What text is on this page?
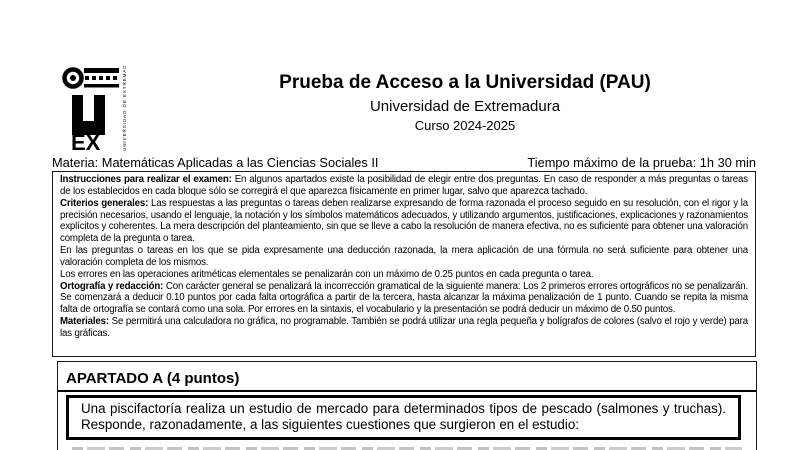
EX	UNIVERSIDAD DE EXTREMADURA	Prueba de Acceso a la Universidad (PAU)
Universidad de Extremadura
Curso 2024-2025
Materia: Matemáticas Aplicadas a las Ciencias Sociales II	Tiempo máximo de la prueba: 1h 30 min

Instrucciones para realizar el examen: En algunos apartados existe la posibilidad de elegir entre dos preguntas. En caso de responder a más preguntas o tareas de los establecidos en cada bloque sólo se corregirá el que aparezca físicamente en primer lugar, salvo que aparezca tachado.

Criterios generales: Las respuestas a las preguntas o tareas deben realizarse expresando de forma razonada el proceso seguido en su resolución, con el rigor y la precisión necesarios, usando el lenguaje, la notación y los símbolos matemáticos adecuados, y utilizando argumentos, justificaciones, explicaciones y razonamientos explícitos y coherentes. La mera descripción del planteamiento, sin que se lleve a cabo la resolución de manera efectiva, no es suficiente para obtener una valoración completa de la pregunta o tarea.

En las preguntas o tareas en los que se pida expresamente una deducción razonada, la mera aplicación de una fórmula no será suficiente para obtener una valoración completa de los mismos.

Los errores en las operaciones aritméticas elementales se penalizarán con un máximo de 0.25 puntos en cada pregunta o tarea.

Ortografía y redacción: Con carácter general se penalizará la incorrección gramatical de la siguiente manera: Los 2 primeros errores ortográficos no se penalizarán. Se comenzará a deducir 0.10 puntos por cada falta ortográfica a partir de la tercera, hasta alcanzar la máxima penalización de 1 punto. Cuando se repita la misma falta de ortografía se contará como una sola. Por errores en la sintaxis, el vocabulario y la presentación se podrá deducir un máximo de 0.50 puntos.

Materiales: Se permitirá una calculadora no gráfica, no programable. También se podrá utilizar una regla pequeña y bolígrafos de colores (salvo el rojo y verde) para las gráficas.

APARTADO A (4 puntos)

Una piscifactoría realiza un estudio de mercado para determinados tipos de pescado (salmones y truchas). Responde, razonadamente, a las siguientes cuestiones que surgieron en el estudio:
